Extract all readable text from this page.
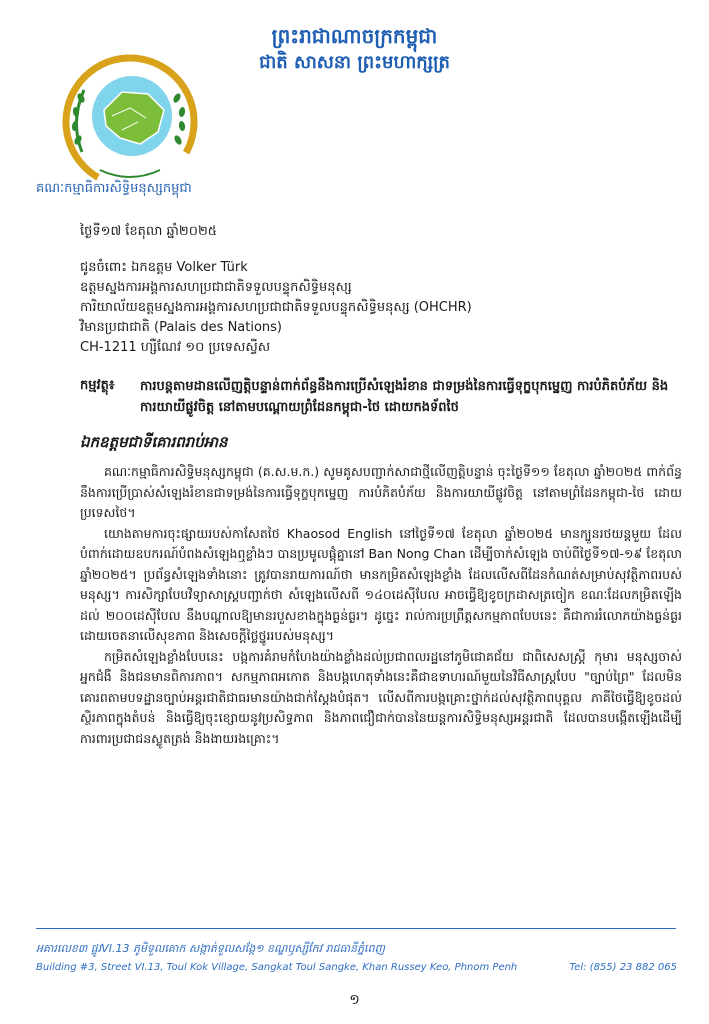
ព្រះរាជាណាចក្រកម្ពុជា
ជាតិ សាសនា ព្រះមហាក្សត្រ
គណៈកម្មាធិការសិទ្ធិមនុស្សកម្ពុជា
ថ្ងៃទី១៧ ខែតុលា ឆ្នាំ២០២៥
ជូនចំពោះ ឯកឧត្តម Volker Türk
ឧត្តមស្នងការអង្គការសហប្រជាជាតិទទួលបន្ទុកសិទ្ធិមនុស្ស
ការិយាល័យឧត្តមស្នងការអង្គការសហប្រជាជាតិទទួលបន្ទុកសិទ្ធិមនុស្ស (OHCHR)
វិមានប្រជាជាតិ (Palais des Nations)
CH-1211 ហ្សឺណែវ ១០ ប្រទេសស្វីស
កម្មវត្ថុ៖	ការបន្តតាមដានលើញត្តិបន្ទាន់ពាក់ព័ន្ធនឹងការប្រើសំឡេងរំខាន ជាទម្រង់នៃការធ្វើទុក្ខបុកម្នេញ ការបំភិតបំភ័យ និងការយាយីផ្លូវចិត្ត នៅតាមបណ្ដោយព្រំដែនកម្ពុជា-ថៃ ដោយកងទ័ពថៃ
ឯកឧត្តមជាទីគោរពរាប់អាន

គណៈកម្មាធិការសិទ្ធិមនុស្សកម្ពុជា (គ.ស.ម.ក.) សូមគូសបញ្ជាក់សាជាថ្មីលើញត្តិបន្ទាន់ ចុះថ្ងៃទី១១ ខែតុលា ឆ្នាំ២០២៥ ពាក់ព័ន្ធនឹងការប្រើប្រាស់សំឡេងរំខានជាទម្រង់នៃការធ្វើទុក្ខបុកម្នេញ ការបំភិតបំភ័យ និងការយាយីផ្លូវចិត្ត នៅតាមព្រំដែនកម្ពុជា-ថៃ ដោយប្រទេសថៃ។

យោងតាមការចុះផ្សាយរបស់កាសែតថៃ Khaosod English នៅថ្ងៃទី១៧ ខែតុលា ឆ្នាំ២០២៥ មានក្បួនរថយន្តមួយ ដែលបំពាក់ដោយឧបករណ៍បំពងសំឡេងឮខ្លាំងៗ បានប្រមូលផ្ដុំគ្នានៅ Ban Nong Chan ដើម្បីចាក់សំឡេង ចាប់ពីថ្ងៃទី១៧-១៩ ខែតុលា ឆ្នាំ២០២៥។ ប្រព័ន្ធសំឡេងទាំងនោះ ត្រូវបានរាយការណ៍ថា មានកម្រិតសំឡេងខ្លាំង ដែលលើសពីដែនកំណត់សម្រាប់សុវត្ថិភាពរបស់មនុស្ស។ ការសិក្សាបែបវិទ្យាសាស្ត្របញ្ជាក់ថា សំឡេងលើសពី ១៤០ដេស៊ីបែល អាចធ្វើឱ្យខូចក្រដាសត្រចៀក ខណៈដែលកម្រិតឡើងដល់ ២០០ដេស៊ីបែល នឹងបណ្ដាលឱ្យមានរបួសខាងក្នុងធ្ងន់ធ្ងរ។ ដូច្នេះ រាល់ការប្រព្រឹត្តសកម្មភាពបែបនេះ គឺជាការរំលោភយ៉ាងធ្ងន់ធ្ងរដោយចេតនាលើសុខភាព និងសេចក្តីថ្លៃថ្នូររបស់មនុស្ស។

កម្រិតសំឡេងខ្លាំងបែបនេះ បង្កការគំរាមកំហែងយ៉ាងខ្លាំងដល់ប្រជាពលរដ្ឋនៅភូមិជោគជ័យ ជាពិសេសស្ត្រី កុមារ មនុស្សចាស់ អ្នកជំងឺ និងជនមានពិការភាព។ សកម្មភាពអកោត និងបង្កហេតុទាំងនេះគឺជាឧទាហរណ៍មួយនៃវិធីសាស្ត្របែប "ច្បាប់ព្រៃ" ដែលមិនគោរពតាមបទដ្ឋានច្បាប់អន្តរជាតិជាធរមានយ៉ាងជាក់ស្តែងបំផុត។ លើសពីការបង្កគ្រោះថ្នាក់ដល់សុវត្ថិភាពបុគ្គល ភាគីថៃធ្វើឱ្យខូចដល់ស្ថិរភាពក្នុងតំបន់ និងធ្វើឱ្យចុះខ្សោយនូវប្រសិទ្ធភាព និងភាពជឿជាក់បាននៃយន្តការសិទ្ធិមនុស្សអន្តរជាតិ ដែលបានបង្កើតឡើងដើម្បីការពារប្រជាជនស្លូតត្រង់ និងងាយរងគ្រោះ។

អគារលេខ៣ ផ្លូវVI.13 ភូមិទួលគោក សង្កាត់ទួលសង្កែ១ ខណ្ឌឫស្សីកែវ រាជធានីភ្នំពេញ
Building #3, Street VI.13, Toul Kok Village, Sangkat Toul Sangke, Khan Russey Keo, Phnom Penh	Tel: (855) 23 882 065
១
